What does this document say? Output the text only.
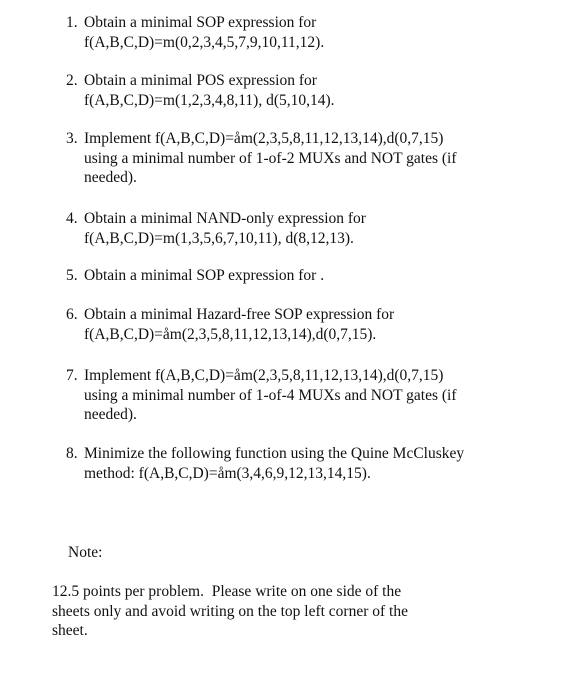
1. Obtain a minimal SOP expression for
f(A,B,C,D)=m(0,2,3,4,5,7,9,10,11,12).
2. Obtain a minimal POS expression for
f(A,B,C,D)=m(1,2,3,4,8,11), d(5,10,14).
3. Implement f(A,B,C,D)=åm(2,3,5,8,11,12,13,14),d(0,7,15)
using a minimal number of 1-of-2 MUXs and NOT gates (if
needed).
4. Obtain a minimal NAND-only expression for
f(A,B,C,D)=m(1,3,5,6,7,10,11), d(8,12,13).
5. Obtain a minimal SOP expression for .
6. Obtain a minimal Hazard-free SOP expression for
f(A,B,C,D)=åm(2,3,5,8,11,12,13,14),d(0,7,15).
7. Implement f(A,B,C,D)=åm(2,3,5,8,11,12,13,14),d(0,7,15)
using a minimal number of 1-of-4 MUXs and NOT gates (if
needed).
8. Minimize the following function using the Quine McCluskey
method: f(A,B,C,D)=åm(3,4,6,9,12,13,14,15).
Note:

12.5 points per problem.  Please write on one side of the
sheets only and avoid writing on the top left corner of the
sheet.
